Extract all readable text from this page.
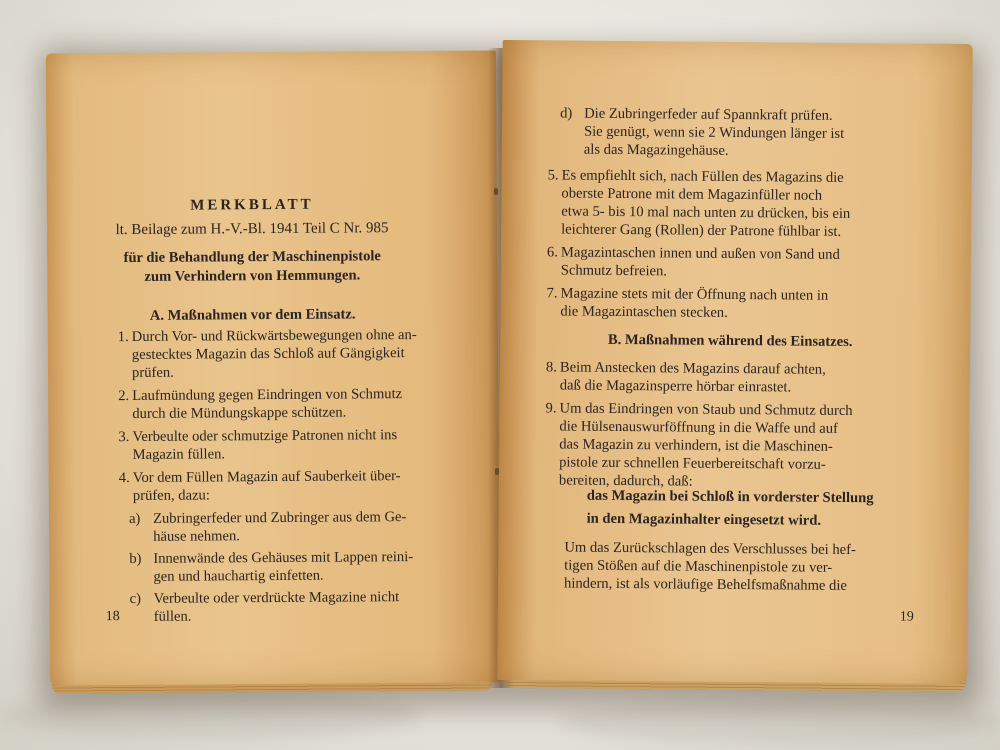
MERKBLATT
lt. Beilage zum H.-V.-Bl. 1941 Teil C Nr. 985
für die Behandlung der Maschinenpistole
zum Verhindern von Hemmungen.
A. Maßnahmen vor dem Einsatz.
1. Durch Vor- und Rückwärtsbewegungen ohne an-
gestecktes Magazin das Schloß auf Gängigkeit
prüfen.
2. Laufmündung gegen Eindringen von Schmutz
durch die Mündungskappe schützen.
3. Verbeulte oder schmutzige Patronen nicht ins
Magazin füllen.
4. Vor dem Füllen Magazin auf Sauberkeit über-
prüfen, dazu:
a) Zubringerfeder und Zubringer aus dem Ge-
häuse nehmen.
b) Innenwände des Gehäuses mit Lappen reini-
gen und hauchartig einfetten.
c) Verbeulte oder verdrückte Magazine nicht
füllen.
18
d) Die Zubringerfeder auf Spannkraft prüfen.
Sie genügt, wenn sie 2 Windungen länger ist
als das Magazingehäuse.
5. Es empfiehlt sich, nach Füllen des Magazins die
oberste Patrone mit dem Magazinfüller noch
etwa 5- bis 10 mal nach unten zu drücken, bis ein
leichterer Gang (Rollen) der Patrone fühlbar ist.
6. Magazintaschen innen und außen von Sand und
Schmutz befreien.
7. Magazine stets mit der Öffnung nach unten in
die Magazintaschen stecken.
B. Maßnahmen während des Einsatzes.
8. Beim Anstecken des Magazins darauf achten,
daß die Magazinsperre hörbar einrastet.
9. Um das Eindringen von Staub und Schmutz durch
die Hülsenauswurföffnung in die Waffe und auf
das Magazin zu verhindern, ist die Maschinen-
pistole zur schnellen Feuerbereitschaft vorzu-
bereiten, dadurch, daß:
das Magazin bei Schloß in vorderster Stellung
in den Magazinhalter eingesetzt wird.
Um das Zurückschlagen des Verschlusses bei hef-
tigen Stößen auf die Maschinenpistole zu ver-
hindern, ist als vorläufige Behelfsmaßnahme die
19
